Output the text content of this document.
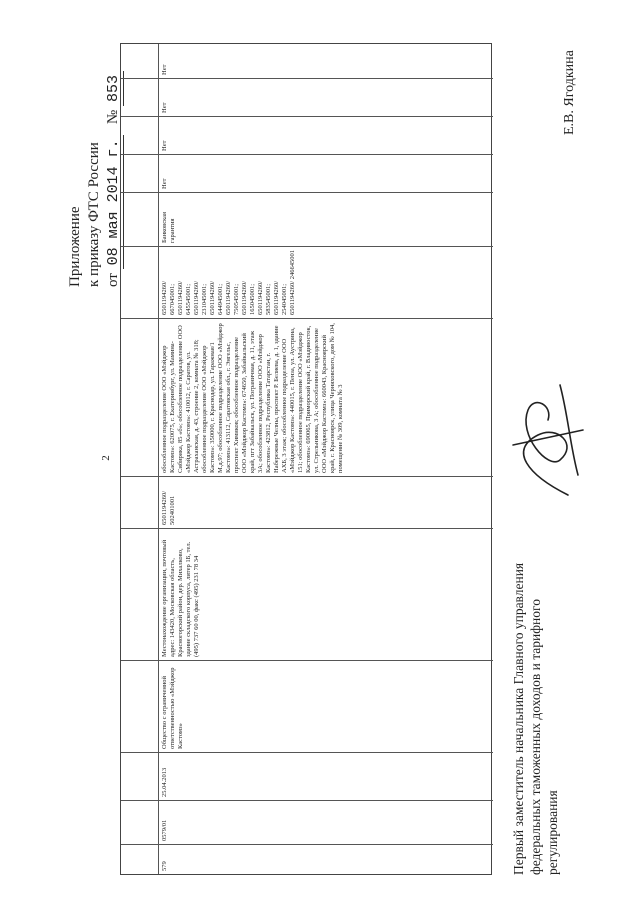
2
Приложение к приказу ФТС России от 08 мая 2014 г.   № 853
579
0579/01
25.04.2013
Общество с ограниченной ответственностью «Мэйджор Кастомз»
Местонахождение организации, почтовый адрес: 143420, Московская область, Красногорский район, дер. Михалково, здание складского корпуса, литер 1Б, тел. (495) 737 60 00, факс (495) 231 78 34
6501194260/ 502401001
обособленное подразделение ООО «Мэйджор Кастомз»: 620075, г. Екатеринбург, ул. Мамина-Сибиряка, 85 «б»; обособленное подразделение ООО «Мэйджор Кастомз»: 410012, г. Саратов, ул. Астраханская, д. 43, строение 2, комната № 318; обособленное подразделение ООО «Мэйджор Кастомз»: 350000, г. Краснодар, ул. Гаражная/1 М.д.97; обособленное подразделение ООО «Мэйджор Кастомз»: 413112, Саратовская обл., г. Энгельс, проспект Химиков; обособленное подразделение ООО «Мэйджор Кастомз»: 674650, Забайкальский край, пгт Забайкальск, ул. Пограничная, д. 11, этаж 3А; обособленное подразделение ООО «Мэйджор Кастомз»: 423812, Республика Татарстан, г. Набережные Челны, проспект Р. Беляева, д. 1, здание АХБ, 3 этаж; обособленное подразделение ООО «Мэйджор Кастомз»: 440015, г. Пенза, ул. Аустрина, 151; обособленное подразделение ООО «Мэйджор Кастомз»: 690065, Приморский край, г. Владивосток, ул. Стрельникова, 3 А; обособленное подразделение ООО «Мэйджор Кастомз»: 660043, Красноярский край, г. Красноярск, улица Черняховского, дом № 104, помещение № 309, комната № 3
6501194260/ 667045001; 6501194260/ 645545001; 6501194260/ 231045001; 6501194260/ 644945001; 6501194260/ 750545001; 6501194260/ 165045001; 6501194260/ 583545001; 6501194260/ 254045001; 6501194260/ 246645001
Банковская гарантия
Нет
Нет
Нет
Нет
Первый заместитель начальника Главного управления федеральных таможенных доходов и тарифного регулирования
Е.В. Ягодкина
